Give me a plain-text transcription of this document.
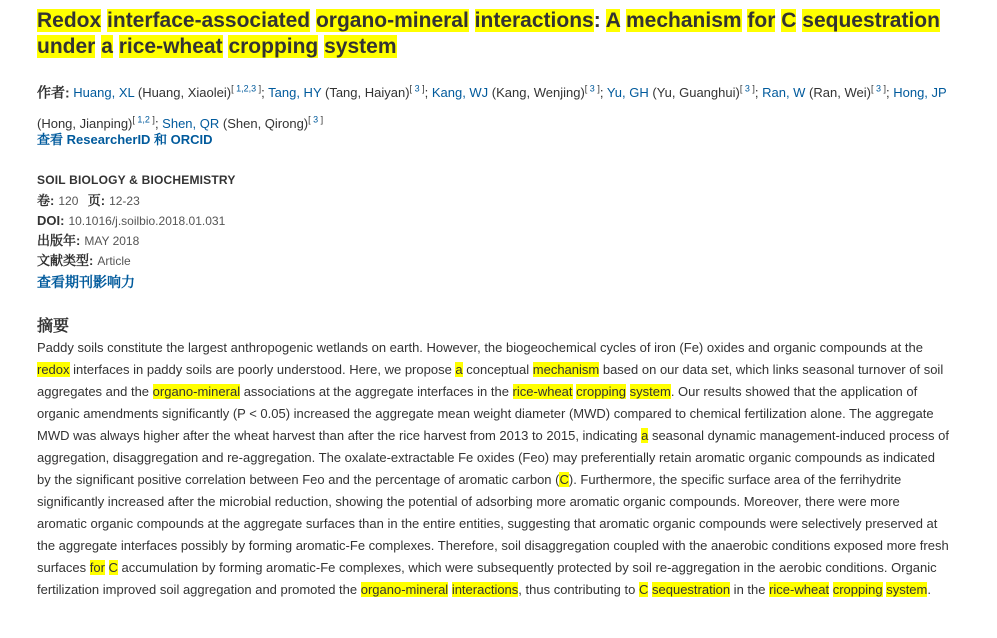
Redox interface-associated organo-mineral interactions: A mechanism for C sequestration under a rice-wheat cropping system
作者: Huang, XL (Huang, Xiaolei)[ 1,2,3 ]; Tang, HY (Tang, Haiyan)[ 3 ]; Kang, WJ (Kang, Wenjing)[ 3 ]; Yu, GH (Yu, Guanghui)[ 3 ]; Ran, W (Ran, Wei)[ 3 ]; Hong, JP (Hong, Jianping)[ 1,2 ]; Shen, QR (Shen, Qirong)[ 3 ]
查看 ResearcherID 和 ORCID
SOIL BIOLOGY & BIOCHEMISTRY
卷: 120 页: 12-23
DOI: 10.1016/j.soilbio.2018.01.031
出版年: MAY 2018
文献类型: Article
查看期刊影响力
摘要
Paddy soils constitute the largest anthropogenic wetlands on earth. However, the biogeochemical cycles of iron (Fe) oxides and organic compounds at the redox interfaces in paddy soils are poorly understood. Here, we propose a conceptual mechanism based on our data set, which links seasonal turnover of soil aggregates and the organo-mineral associations at the aggregate interfaces in the rice-wheat cropping system. Our results showed that the application of organic amendments significantly (P < 0.05) increased the aggregate mean weight diameter (MWD) compared to chemical fertilization alone. The aggregate MWD was always higher after the wheat harvest than after the rice harvest from 2013 to 2015, indicating a seasonal dynamic management-induced process of aggregation, disaggregation and re-aggregation. The oxalate-extractable Fe oxides (Feo) may preferentially retain aromatic organic compounds as indicated by the significant positive correlation between Feo and the percentage of aromatic carbon (C). Furthermore, the specific surface area of the ferrihydrite significantly increased after the microbial reduction, showing the potential of adsorbing more aromatic organic compounds. Moreover, there were more aromatic organic compounds at the aggregate surfaces than in the entire entities, suggesting that aromatic organic compounds were selectively preserved at the aggregate interfaces possibly by forming aromatic-Fe complexes. Therefore, soil disaggregation coupled with the anaerobic conditions exposed more fresh surfaces for C accumulation by forming aromatic-Fe complexes, which were subsequently protected by soil re-aggregation in the aerobic conditions. Organic fertilization improved soil aggregation and promoted the organo-mineral interactions, thus contributing to C sequestration in the rice-wheat cropping system.
